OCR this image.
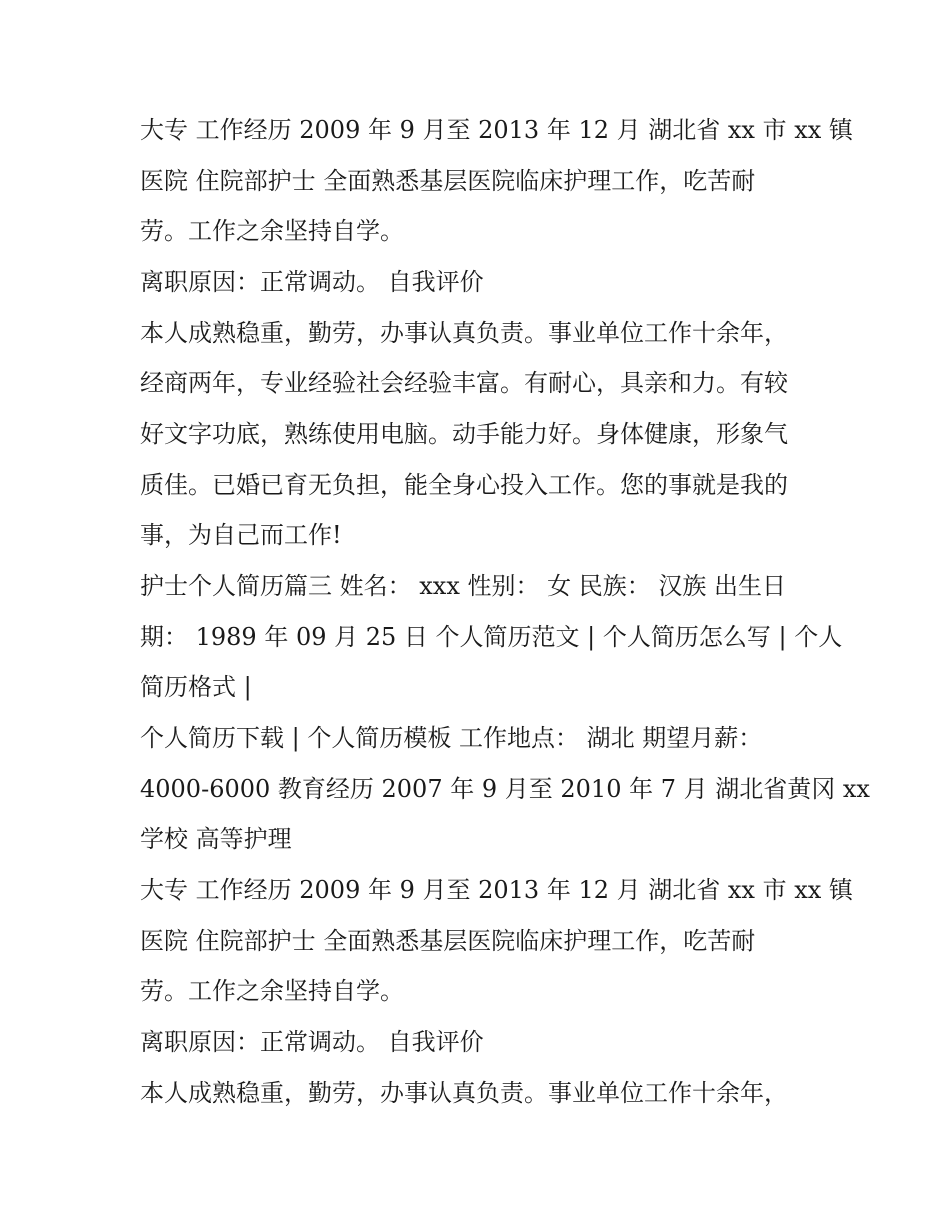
大专 工作经历 2009 年 9 月至 2013 年 12 月 湖北省 xx 市 xx 镇
医院 住院部护士 全面熟悉基层医院临床护理工作，吃苦耐
劳。工作之余坚持自学。
离职原因：正常调动。 自我评价
本人成熟稳重，勤劳，办事认真负责。事业单位工作十余年，
经商两年，专业经验社会经验丰富。有耐心，具亲和力。有较
好文字功底，熟练使用电脑。动手能力好。身体健康，形象气
质佳。已婚已育无负担，能全身心投入工作。您的事就是我的
事，为自己而工作!
护士个人简历篇三 姓名： xxx 性别： 女 民族： 汉族 出生日
期： 1989 年 09 月 25 日 个人简历范文 | 个人简历怎么写 | 个人
简历格式 |
个人简历下载 | 个人简历模板 工作地点： 湖北 期望月薪：
4000-6000 教育经历 2007 年 9 月至 2010 年 7 月 湖北省黄冈 xx
学校 高等护理
大专 工作经历 2009 年 9 月至 2013 年 12 月 湖北省 xx 市 xx 镇
医院 住院部护士 全面熟悉基层医院临床护理工作，吃苦耐
劳。工作之余坚持自学。
离职原因：正常调动。 自我评价
本人成熟稳重，勤劳，办事认真负责。事业单位工作十余年，
